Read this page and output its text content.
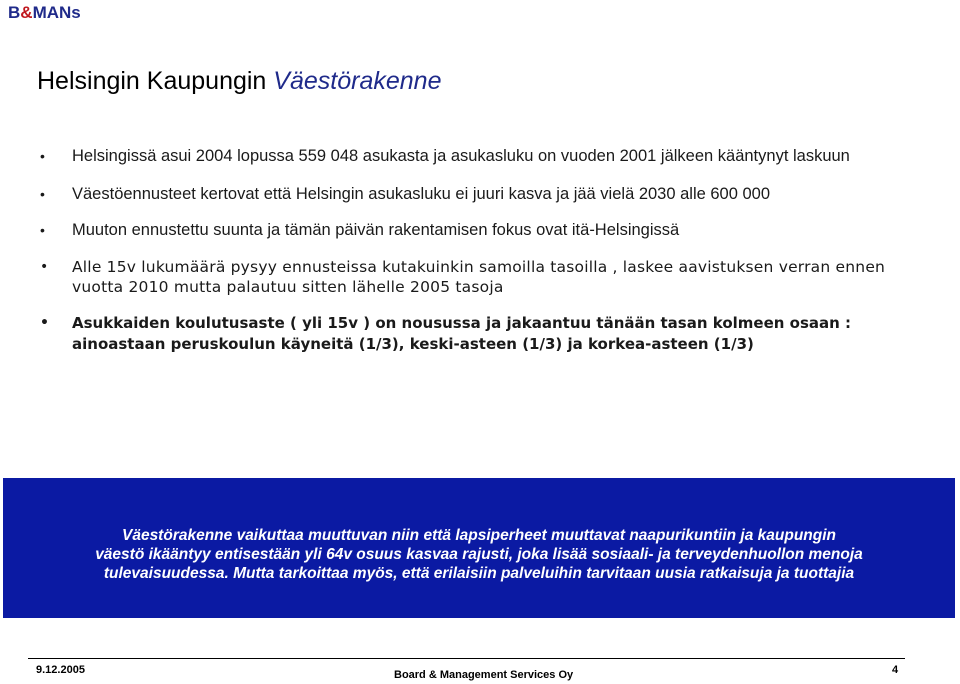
B&MANs
Helsingin Kaupungin Väestörakenne
• Helsingissä asui 2004 lopussa 559 048 asukasta ja asukasluku on vuoden 2001 jälkeen kääntynyt laskuun
• Väestöennusteet kertovat että Helsingin asukasluku ei juuri kasva ja jää vielä 2030 alle 600 000
• Muuton ennustettu suunta ja tämän päivän rakentamisen fokus ovat itä-Helsingissä
• Alle 15v lukumäärä pysyy ennusteissa kutakuinkin samoilla tasoilla , laskee aavistuksen verran ennen vuotta 2010 mutta palautuu sitten lähelle 2005 tasoja
• Asukkaiden koulutusaste ( yli 15v ) on nousussa ja jakaantuu tänään tasan kolmeen osaan : ainoastaan peruskoulun käyneitä (1/3), keski-asteen (1/3) ja korkea-asteen (1/3)
Väestörakenne vaikuttaa muuttuvan niin että lapsiperheet muuttavat naapurikuntiin ja kaupungin
väestö ikääntyy entisestään yli 64v osuus kasvaa rajusti, joka lisää sosiaali- ja terveydenhuollon menoja
tulevaisuudessa. Mutta tarkoittaa myös, että erilaisiin palveluihin tarvitaan uusia ratkaisuja ja tuottajia
9.12.2005	Board & Management Services Oy	4
